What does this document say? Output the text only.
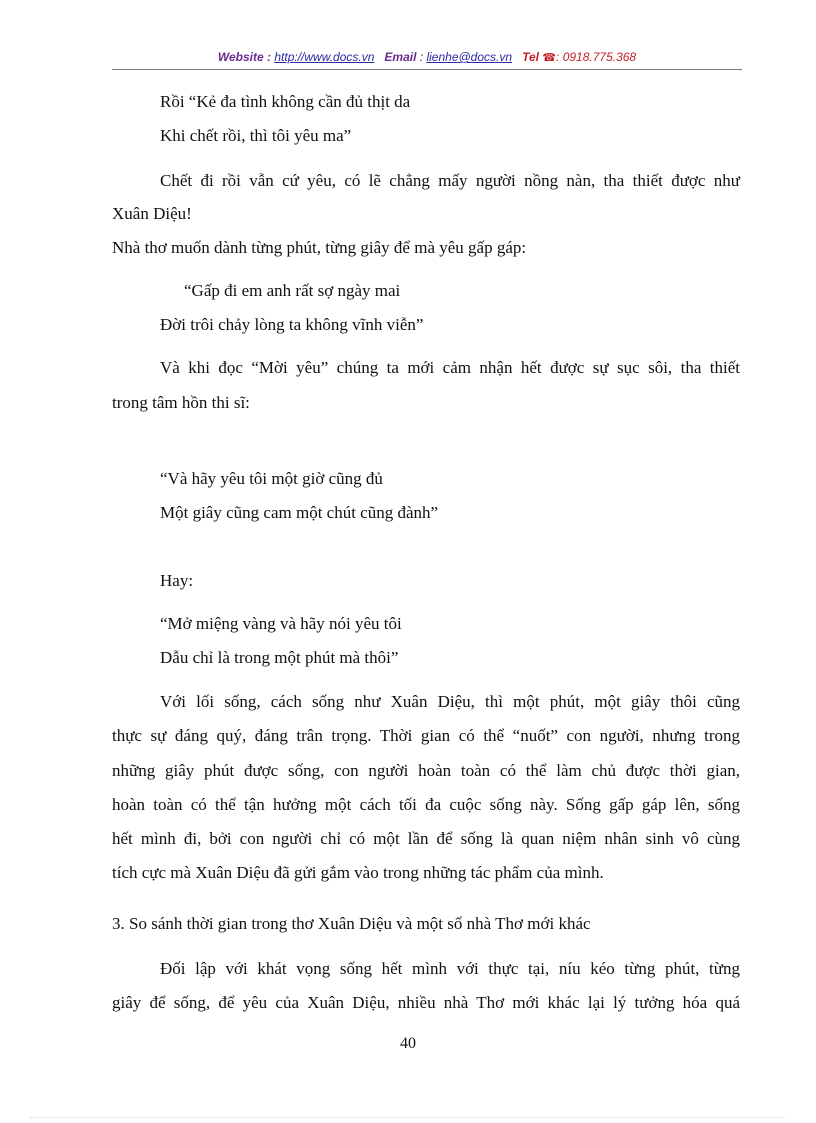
Website : http://www.docs.vn Email : lienhe@docs.vn Tel ☎: 0918.775.368
Rồi “Kẻ đa tình không cần đủ thịt da
Khi chết rồi, thì tôi yêu ma”
Chết đi rồi vẫn cứ yêu, có lẽ chẳng mấy người nồng nàn, tha thiết được như
Xuân Diệu!
Nhà thơ muốn dành từng phút, từng giây để mà yêu gấp gáp:
“Gấp đi em anh rất sợ ngày mai
Đời trôi chảy lòng ta không vĩnh viễn”
Và khi đọc “Mời yêu” chúng ta mới cảm nhận hết được sự sục sôi, tha thiết
trong tâm hồn thi sĩ:
“Và hãy yêu tôi một giờ cũng đủ
Một giây cũng cam một chút cũng đành”
Hay:
“Mở miệng vàng và hãy nói yêu tôi
Dẫu chỉ là trong một phút mà thôi”
Với lối sống, cách sống như Xuân Diệu, thì một phút, một giây thôi cũng
thực sự đáng quý, đáng trân trọng. Thời gian có thể “nuốt” con người, nhưng trong
những giây phút được sống, con người hoàn toàn có thể làm chủ được thời gian,
hoàn toàn có thể tận hưởng một cách tối đa cuộc sống này. Sống gấp gáp lên, sống
hết mình đi, bởi con người chỉ có một lần để sống là quan niệm nhân sinh vô cùng
tích cực mà Xuân Diệu đã gửi gắm vào trong những tác phẩm của mình.
3. So sánh thời gian trong thơ Xuân Diệu và một số nhà Thơ mới khác
Đối lập với khát vọng sống hết mình với thực tại, níu kéo từng phút, từng
giây để sống, để yêu của Xuân Diệu, nhiều nhà Thơ mới khác lại lý tưởng hóa quá
40
